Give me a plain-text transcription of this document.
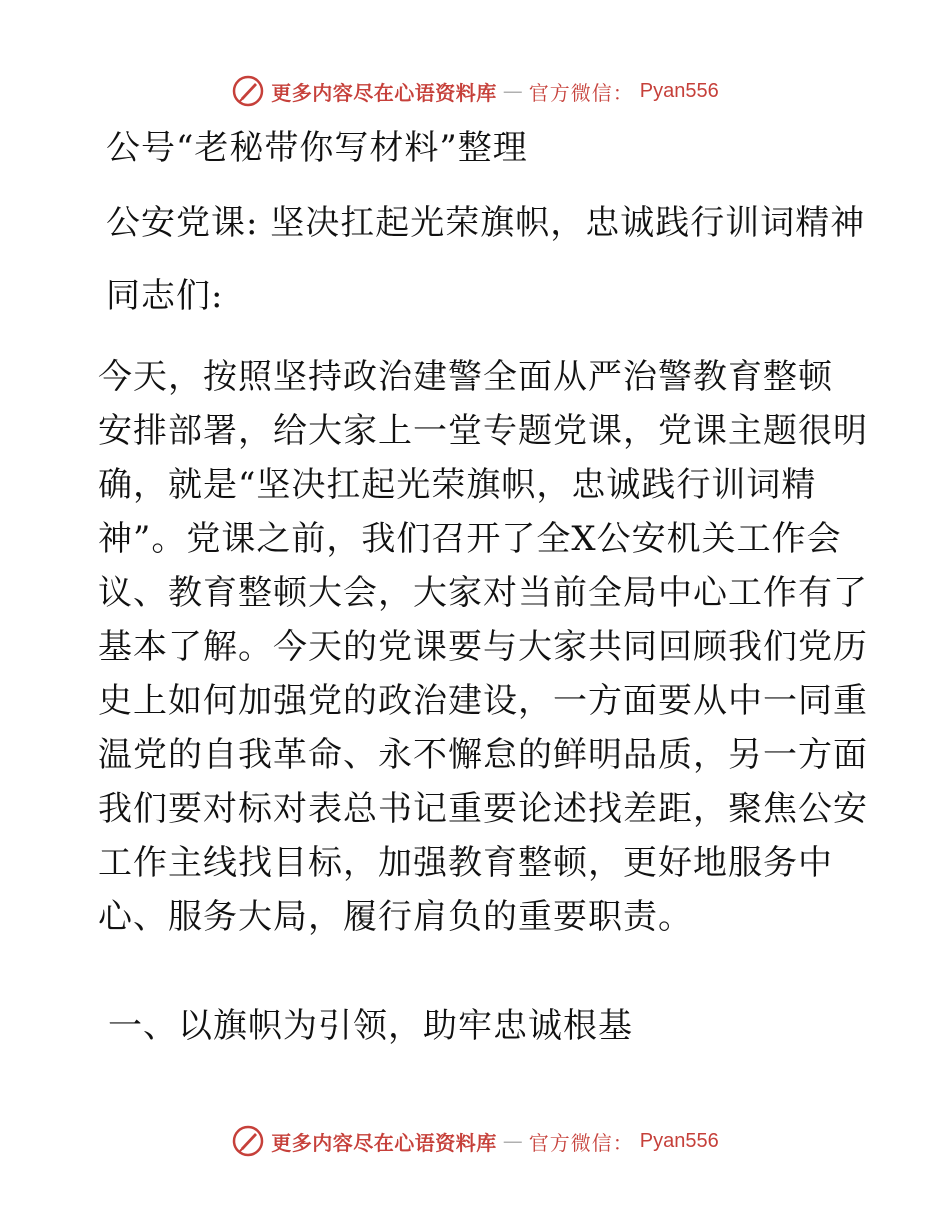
更多内容尽在心语资料库 — 官方微信： Pyan556
公号“老秘带你写材料”整理
公安党课: 坚决扛起光荣旗帜，忠诚践行训词精神
同志们:
今天，按照坚持政治建警全面从严治警教育整顿
安排部署，给大家上一堂专题党课，党课主题很明
确，就是“坚决扛起光荣旗帜，忠诚践行训词精
神”。党课之前，我们召开了全X公安机关工作会
议、教育整顿大会，大家对当前全局中心工作有了
基本了解。今天的党课要与大家共同回顾我们党历
史上如何加强党的政治建设，一方面要从中一同重
温党的自我革命、永不懈怠的鲜明品质，另一方面
我们要对标对表总书记重要论述找差距，聚焦公安
工作主线找目标，加强教育整顿，更好地服务中
心、服务大局，履行肩负的重要职责。
一、以旗帜为引领，助牢忠诚根基
更多内容尽在心语资料库 — 官方微信： Pyan556
